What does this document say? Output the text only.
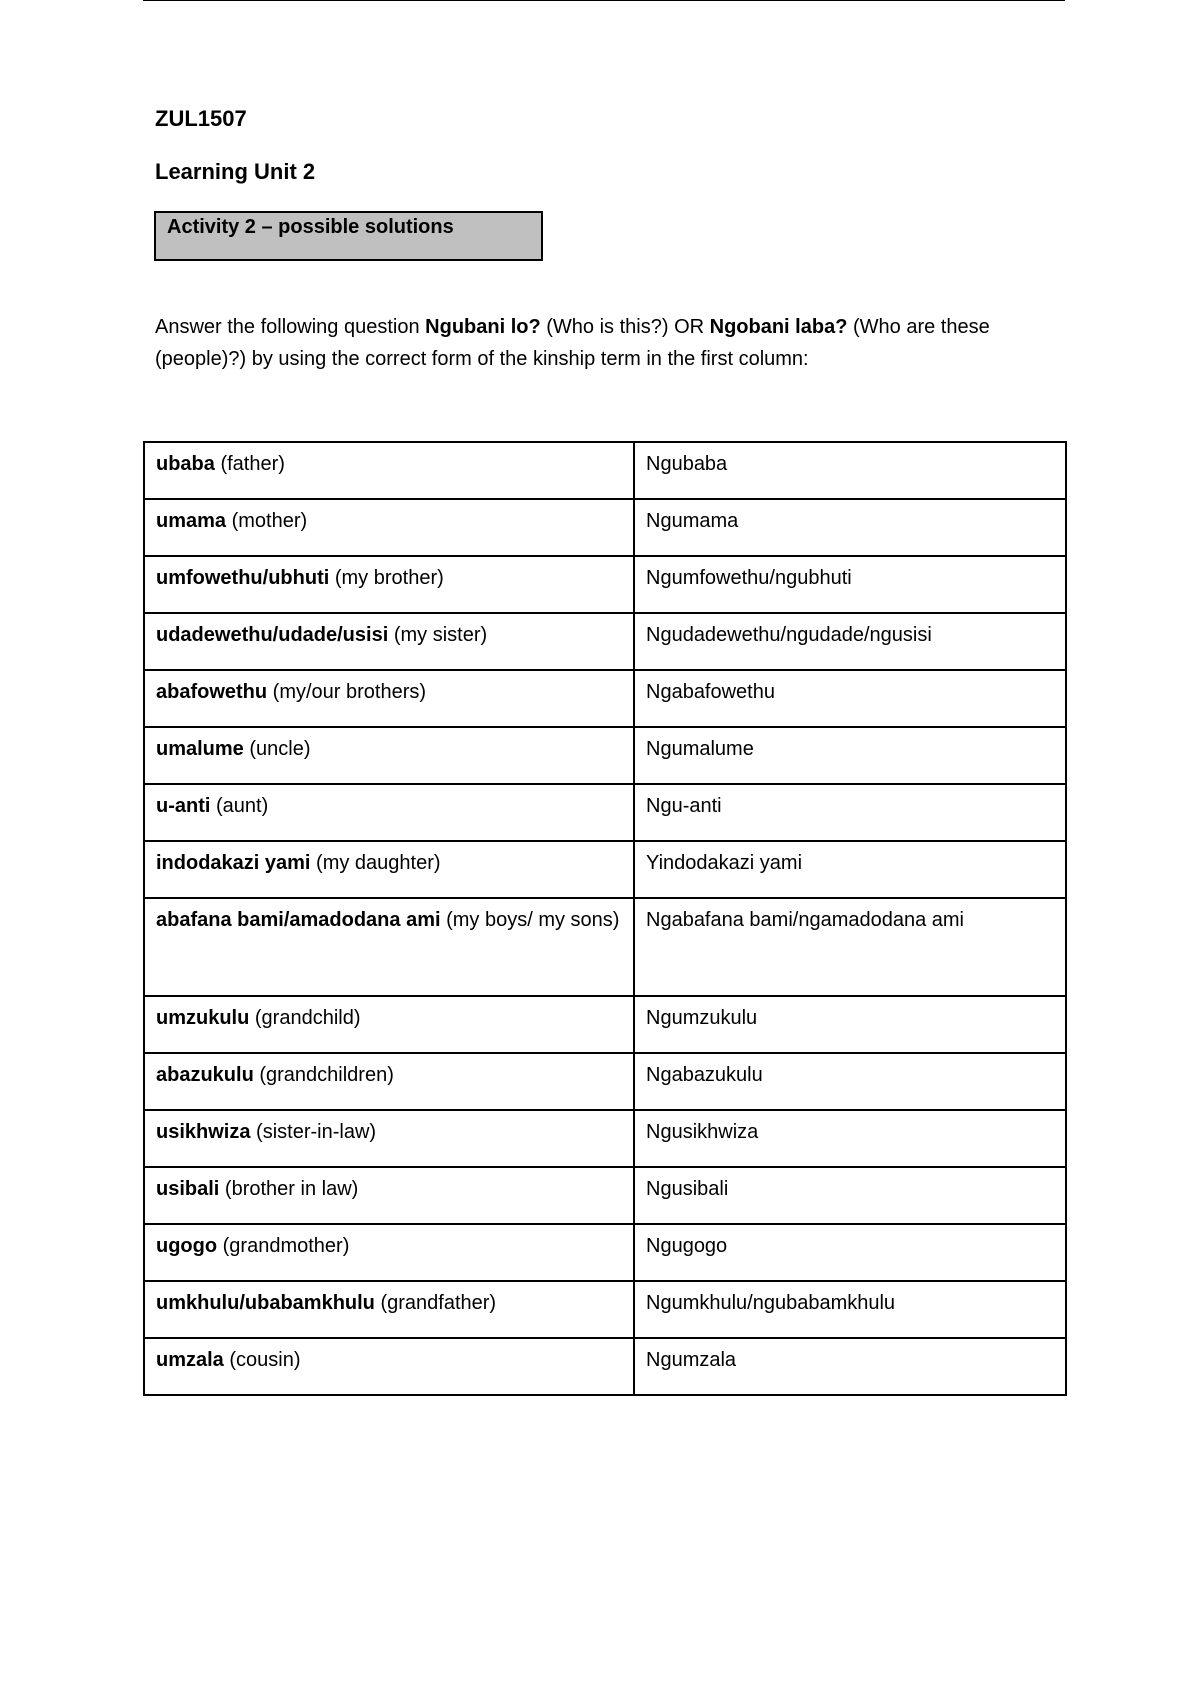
ZUL1507
Learning Unit 2
Activity 2 – possible solutions
Answer the following question Ngubani lo? (Who is this?) OR Ngobani laba? (Who are these (people)?) by using the correct form of the kinship term in the first column:
ubaba (father)	Ngubaba
umama (mother)	Ngumama
umfowethu/ubhuti (my brother)	Ngumfowethu/ngubhuti
udadewethu/udade/usisi (my sister)	Ngudadewethu/ngudade/ngusisi
abafowethu (my/our brothers)	Ngabafowethu
umalume (uncle)	Ngumalume
u-anti (aunt)	Ngu-anti
indodakazi yami (my daughter)	Yindodakazi yami
abafana bami/amadodana ami (my boys/ my sons)	Ngabafana bami/ngamadodana ami
umzukulu (grandchild)	Ngumzukulu
abazukulu (grandchildren)	Ngabazukulu
usikhwiza (sister-in-law)	Ngusikhwiza
usibali (brother in law)	Ngusibali
ugogo (grandmother)	Ngugogo
umkhulu/ubabamkhulu (grandfather)	Ngumkhulu/ngubabamkhulu
umzala (cousin)	Ngumzala
